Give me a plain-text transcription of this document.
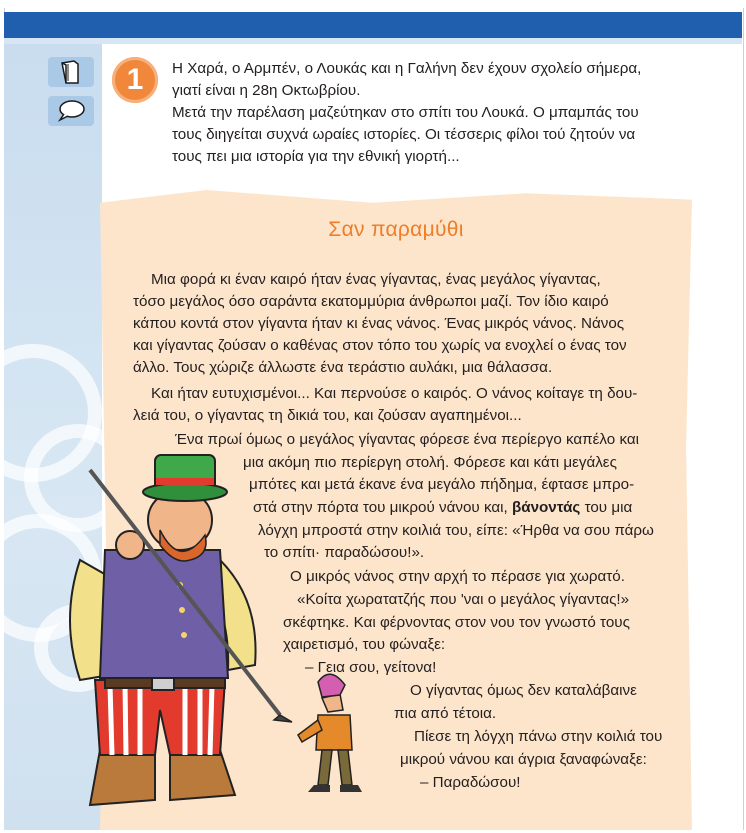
1	Η Χαρά, ο Αρμπέν, ο Λουκάς και η Γαλήνη δεν έχουν σχολείο σήμερα,

γιατί είναι η 28η Οκτωβρίου.

Μετά την παρέλαση μαζεύτηκαν στο σπίτι του Λουκά. Ο μπαμπάς του

τους διηγείται συχνά ωραίες ιστορίες. Οι τέσσερις φίλοι τού ζητούν να

τους πει μια ιστορία για την εθνική γιορτή...

Σαν παραμύθι

Μια φορά κι έναν καιρό ήταν ένας γίγαντας, ένας μεγάλος γίγαντας,

τόσο μεγάλος όσο σαράντα εκατομμύρια άνθρωποι μαζί. Τον ίδιο καιρό

κάπου κοντά στον γίγαντα ήταν κι ένας νάνος. Ένας μικρός νάνος. Νάνος

και γίγαντας ζούσαν ο καθένας στον τόπο του χωρίς να ενοχλεί ο ένας τον

άλλο. Τους χώριζε άλλωστε ένα τεράστιο αυλάκι, μια θάλασσα.

Και ήταν ευτυχισμένοι... Και περνούσε ο καιρός. Ο νάνος κοίταγε τη δου-

λειά του, ο γίγαντας τη δικιά του, και ζούσαν αγαπημένοι...

Ένα πρωί όμως ο μεγάλος γίγαντας φόρεσε ένα περίεργο καπέλο και

μια ακόμη πιο περίεργη στολή. Φόρεσε και κάτι μεγάλες

μπότες και μετά έκανε ένα μεγάλο πήδημα, έφτασε μπρο-

στά στην πόρτα του μικρού νάνου και, βάνοντάς του μια

λόγχη μπροστά στην κοιλιά του, είπε: «Ήρθα να σου πάρω

το σπίτι· παραδώσου!».

Ο μικρός νάνος στην αρχή το πέρασε για χωρατό.

«Κοίτα χωρατατζής που 'ναι ο μεγάλος γίγαντας!»

σκέφτηκε. Και φέρνοντας στον νου τον γνωστό τους

χαιρετισμό, του φώναξε:

– Γεια σου, γείτονα!

Ο γίγαντας όμως δεν καταλάβαινε

πια από τέτοια.

Πίεσε τη λόγχη πάνω στην κοιλιά του

μικρού νάνου και άγρια ξαναφώναξε:

– Παραδώσου!
